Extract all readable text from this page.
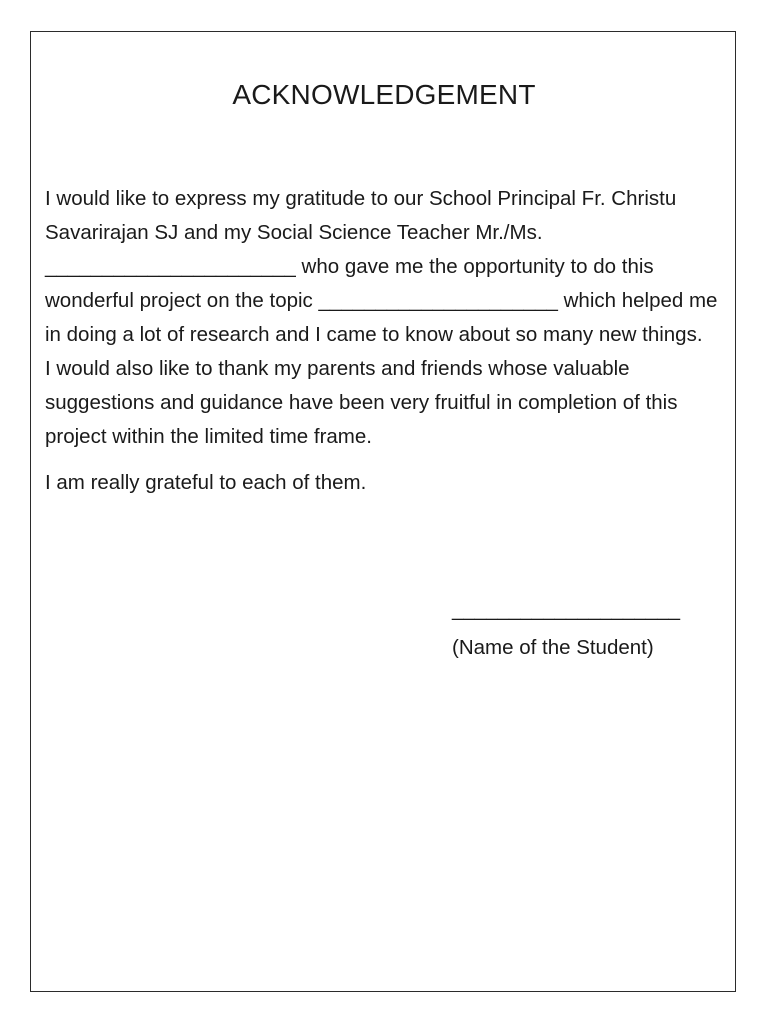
ACKNOWLEDGEMENT

I would like to express my gratitude to our School Principal Fr. Christu Savarirajan SJ and my Social Science Teacher Mr./Ms. ______________________ who gave me the opportunity to do this wonderful project on the topic _____________________ which helped me in doing a lot of research and I came to know about so many new things.

I would also like to thank my parents and friends whose valuable suggestions and guidance have been very fruitful in completion of this project within the limited time frame.

I am really grateful to each of them.

____________________
(Name of the Student)
